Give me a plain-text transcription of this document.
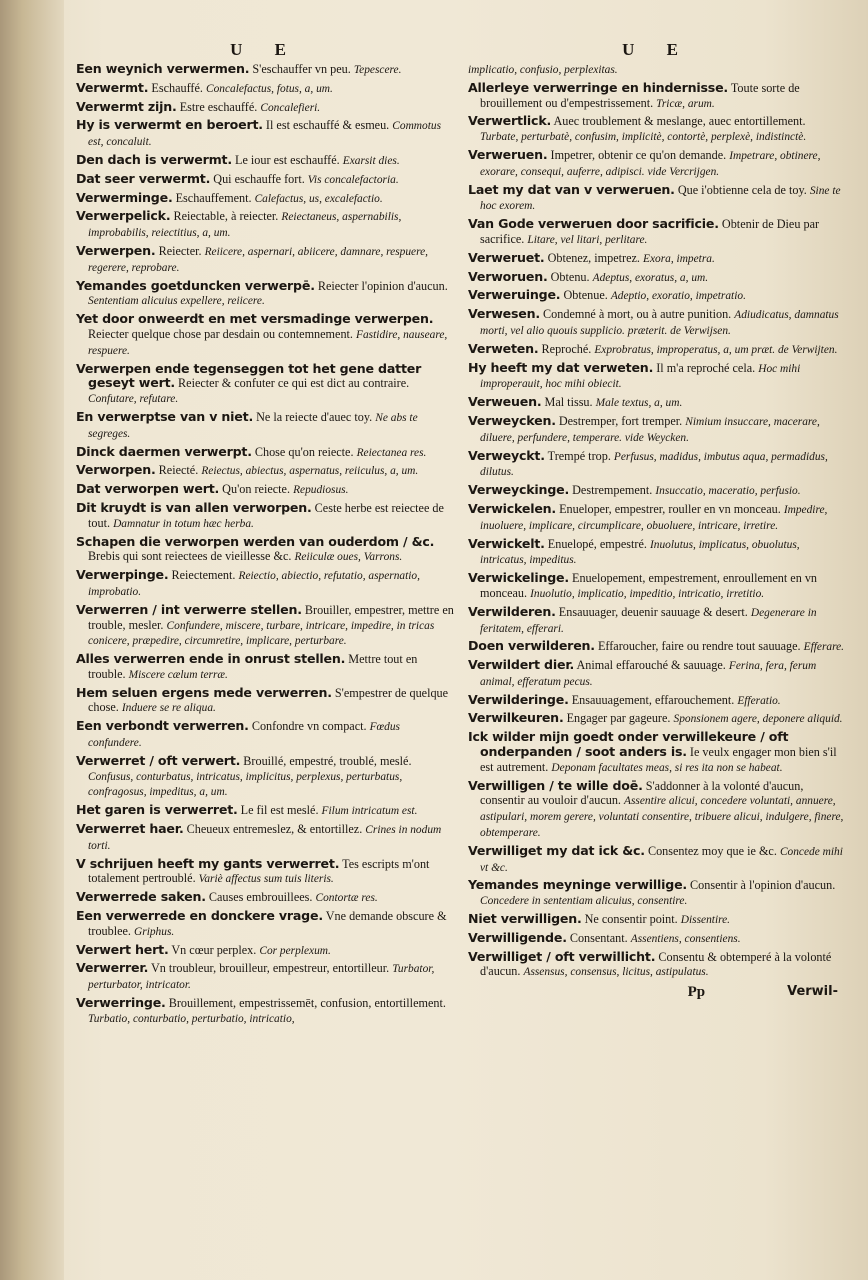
U E

Een weynich verwermen. S'eschauffer vn peu. Tepescere.

Verwermt. Eschauffé. Concalefactus, fotus, a, um.

Verwermt zijn. Estre eschauffé. Concalefieri.

Hy is verwermt en beroert. Il est eschauffé & esmeu. Commotus est, concaluit.

Den dach is verwermt. Le iour est eschauffé. Exarsit dies.

Dat seer verwermt. Qui eschauffe fort. Vis concalefactoria.

Verwermingе. Eschauffement. Calefactus, us, excalefactio.

Verwerpelick. Reiectable, à reiecter. Reiectaneus, aspernabilis, improbabilis, reiectitius, a, um.

Verwerpen. Reiecter. Reiicere, aspernari, abiicere, damnare, respuere, regerere, reprobare.

Yemandes goetduncken verwerpē. Reiecter l'opinion d'aucun. Sententiam alicuius expellere, reiicere.

Yet door onweerdt en met versmadinge verwerpen. Reiecter quelque chose par desdain ou contemnement. Fastidire, nauseare, respuere.

Verwerpen ende tegenseggen tot het gene datter geseyt wert. Reiecter & confuter ce qui est dict au contraire. Confutare, refutare.

En verwerptse van v niet. Ne la reiecte d'auec toy. Ne abs te segreges.

Dinck daermen verwerpt. Chose qu'on reiecte. Reiectanea res.

Verworpen. Reiecté. Reiectus, abiectus, aspernatus, reiiculus, a, um.

Dat verworpen wert. Qu'on reiecte. Repudiosus.

Dit kruydt is van allen verworpen. Ceste herbe est reiectee de tout. Damnatur in totum hæc herba.

Schapen die verworpen werden van ouderdom / &c. Brebis qui sont reiectees de vieillesse &c. Reiiculæ oues, Varrons.

Verwerpinge. Reiectement. Reiectio, abiectio, refutatio, aspernatio, improbatio.

Verwerren / int verwerre stellen. Brouiller, empestrer, mettre en trouble, mesler. Confundere, miscere, turbare, intricare, impedire, in tricas conicere, præpedire, circumretire, implicare, perturbare.

Alles verwerren ende in onrust stellen. Mettre tout en trouble. Miscere cælum terræ.

Hem seluen ergens mede verwerren. S'empestrer de quelque chose. Induere se re aliqua.

Een verbondt verwerren. Confondre vn compact. Fœdus confundere.

Verwerret / oft verwert. Brouillé, empestré, troublé, meslé. Confusus, conturbatus, intricatus, implicitus, perplexus, perturbatus, confragosus, impeditus, a, um.

Het garen is verwerret. Le fil est meslé. Filum intricatum est.

Verwerret haer. Cheueux entremeslez, & entortillez. Crines in nodum torti.

V schrijuen heeft my gants verwerret. Tes escripts m'ont totalement pertroublé. Variè affectus sum tuis literis.

Verwerrede saken. Causes embrouillees. Contortæ res.

Een verwerrede en donckere vrage. Vne demande obscure & troublee. Griphus.

Verwert hert. Vn cœur perplex. Cor perplexum.

Verwerrer. Vn troubleur, brouilleur, empestreur, entortilleur. Turbator, perturbator, intricator.

Verwerringe. Brouillement, empestrissemēt, confusion, entortillement. Turbatio, conturbatio, perturbatio, intricatio,

U E

implicatio, confusio, perplexitas.

Allerleye verwerringe en hindernisse. Toute sorte de brouillement ou d'empestrissement. Tricæ, arum.

Verwertlick. Auec troublement & meslange, auec entortillement. Turbate, perturbatè, confusim, implicitè, contortè, perplexè, indistinctè.

Verweruen. Impetrer, obtenir ce qu'on demande. Impetrare, obtinere, exorare, consequi, auferre, adipisci. vide Vercrijgen.

Laet my dat van v verweruen. Que i'obtienne cela de toy. Sine te hoc exorem.

Van Gode verweruen door sacrificie. Obtenir de Dieu par sacrifice. Litare, vel litari, perlitare.

Verweruet. Obtenez, impetrez. Exora, impetra.

Verworuen. Obtenu. Adeptus, exoratus, a, um.

Verweruinge. Obtenue. Adeptio, exoratio, impetratio.

Verwesen. Condemné à mort, ou à autre punition. Adiudicatus, damnatus morti, vel alio quouis supplicio. præterit. de Verwijsen.

Verweten. Reproché. Exprobratus, improperatus, a, um præt. de Verwijten.

Hy heeft my dat verweten. Il m'a reproché cela. Hoc mihi improperauit, hoc mihi obiecit.

Verweuen. Mal tissu. Male textus, a, um.

Verweycken. Destremper, fort tremper. Nimium insuccare, macerare, diluere, perfundere, temperare. vide Weycken.

Verweyckt. Trempé trop. Perfusus, madidus, imbutus aqua, permadidus, dilutus.

Verweyckinge. Destrempement. Insuccatio, maceratio, perfusio.

Verwickelen. Enueloper, empestrer, rouller en vn monceau. Impedire, inuoluere, implicare, circumplicare, obuoluere, intricare, irretire.

Verwickelt. Enuelopé, empestré. Inuolutus, implicatus, obuolutus, intricatus, impeditus.

Verwickelinge. Enuelopement, empestrement, enroullement en vn monceau. Inuolutio, implicatio, impeditio, intricatio, irretitio.

Verwilderen. Ensauuager, deuenir sauuage & desert. Degenerare in feritatem, efferari.

Doen verwilderen. Effaroucher, faire ou rendre tout sauuage. Efferare.

Verwildert dier. Animal effarouché & sauuage. Ferina, fera, ferum animal, efferatum pecus.

Verwilderinge. Ensauuagement, effarouchement. Efferatio.

Verwilkeuren. Engager par gageure. Sponsionem agere, deponere aliquid.

Ick wilder mijn goedt onder verwillekeure / oft onderpanden / soot anders is. Ie veulx engager mon bien s'il est autrement. Deponam facultates meas, si res ita non se habeat.

Verwilligen / te wille doē. S'addonner à la volonté d'aucun, consentir au vouloir d'aucun. Assentire alicui, concedere voluntati, annuere, astipulari, morem gerere, voluntati consentire, tribuere alicui, indulgere, finere, obtemperare.

Verwilliget my dat ick &c. Consentez moy que ie &c. Concede mihi vt &c.

Yemandes meyninge verwillige. Consentir à l'opinion d'aucun. Concedere in sententiam alicuius, consentire.

Niet verwilligen. Ne consentir point. Dissentire.

Verwilligende. Consentant. Assentiens, consentiens.

Verwilliget / oft verwillicht. Consentu & obtemperé à la volonté d'aucun. Assensus, consensus, licitus, astipulatus.

Pp	Verwil-
